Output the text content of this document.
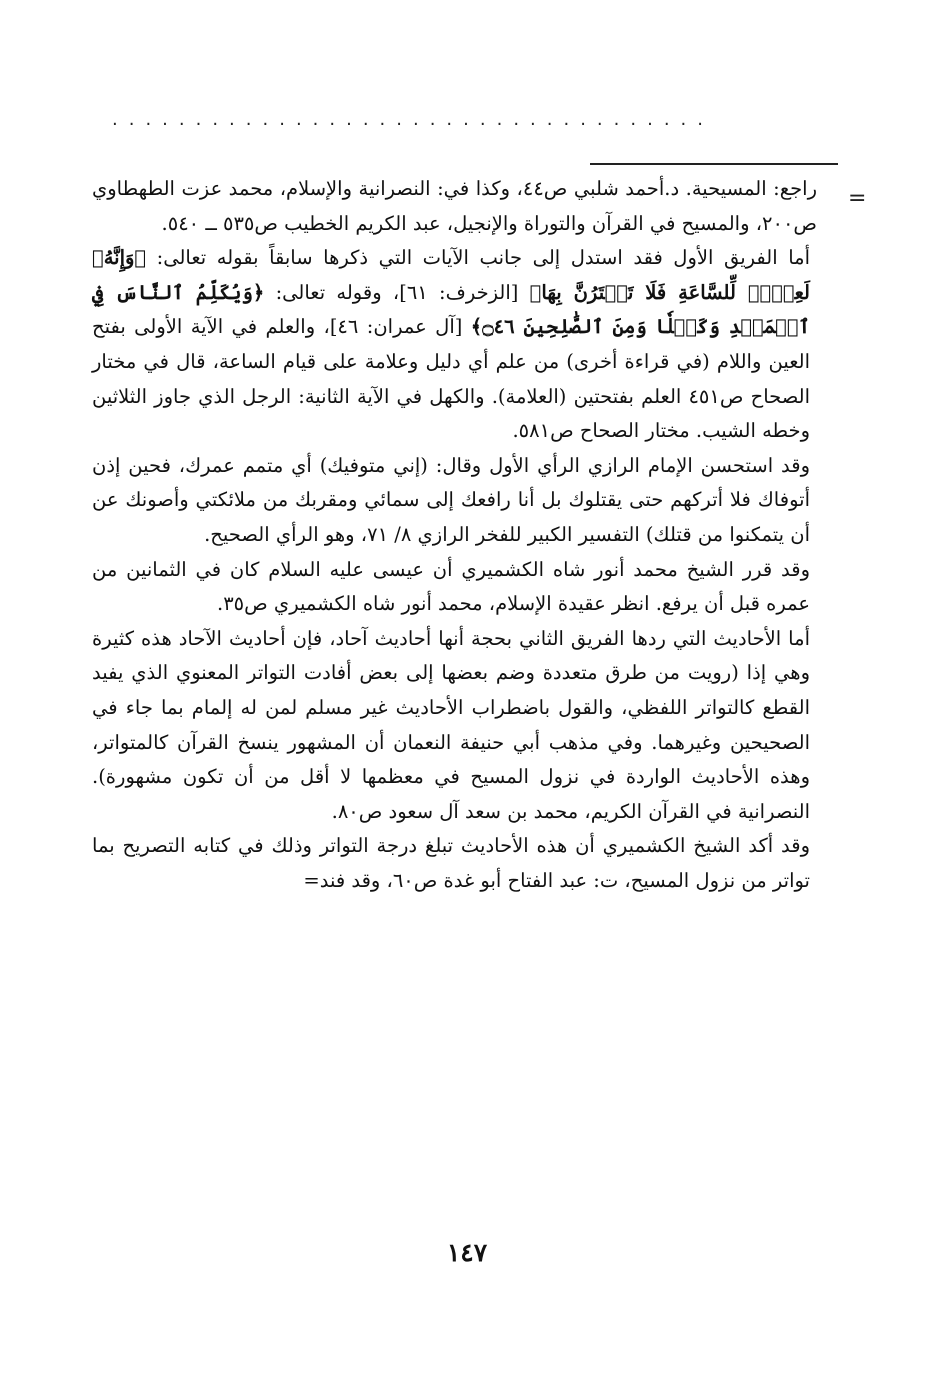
....................................
=

راجع: المسيحية. د.أحمد شلبي ص٤٤، وكذا في: النصرانية والإسلام، محمد عزت الطهطاوي ص٢٠٠، والمسيح في القرآن والتوراة والإنجيل، عبد الكريم الخطيب ص٥٣٥ ــ ٥٤٠.

أما الفريق الأول فقد استدل إلى جانب الآيات التي ذكرها سابقاً بقوله تعالى: ﴿وَإِنَّهُۥ لَعِلۡمٞ لِّلسَّاعَةِ فَلَا تَمۡتَرُنَّ بِهَا﴾ [الزخرف: ٦١]، وقوله تعالى: ﴿وَيُكَلِّمُ ٱلنَّاسَ فِي ٱلۡمَهۡدِ وَكَهۡلٗا وَمِنَ ٱلصَّٰلِحِينَ ۝٤٦﴾ [آل عمران: ٤٦]، والعلم في الآية الأولى بفتح العين واللام (في قراءة أخرى) من علم أي دليل وعلامة على قيام الساعة، قال في مختار الصحاح ص٤٥١ العلم بفتحتين (العلامة). والكهل في الآية الثانية: الرجل الذي جاوز الثلاثين وخطه الشيب. مختار الصحاح ص٥٨١.

وقد استحسن الإمام الرازي الرأي الأول وقال: (إني متوفيك) أي متمم عمرك، فحين إذن أتوفاك فلا أتركهم حتى يقتلوك بل أنا رافعك إلى سمائي ومقربك من ملائكتي وأصونك عن أن يتمكنوا من قتلك) التفسير الكبير للفخر الرازي ٨/ ٧١، وهو الرأي الصحيح.

وقد قرر الشيخ محمد أنور شاه الكشميري أن عيسى عليه السلام كان في الثمانين من عمره قبل أن يرفع. انظر عقيدة الإسلام، محمد أنور شاه الكشميري ص٣٥.

أما الأحاديث التي ردها الفريق الثاني بحجة أنها أحاديث آحاد، فإن أحاديث الآحاد هذه كثيرة وهي إذا (رويت من طرق متعددة وضم بعضها إلى بعض أفادت التواتر المعنوي الذي يفيد القطع كالتواتر اللفظي، والقول باضطراب الأحاديث غير مسلم لمن له إلمام بما جاء في الصحيحين وغيرهما. وفي مذهب أبي حنيفة النعمان أن المشهور ينسخ القرآن كالمتواتر، وهذه الأحاديث الواردة في نزول المسيح في معظمها لا أقل من أن تكون مشهورة). النصرانية في القرآن الكريم، محمد بن سعد آل سعود ص٨٠.

وقد أكد الشيخ الكشميري أن هذه الأحاديث تبلغ درجة التواتر وذلك في كتابه التصريح بما تواتر من نزول المسيح، ت: عبد الفتاح أبو غدة ص٦٠، وقد فند=

١٤٧
